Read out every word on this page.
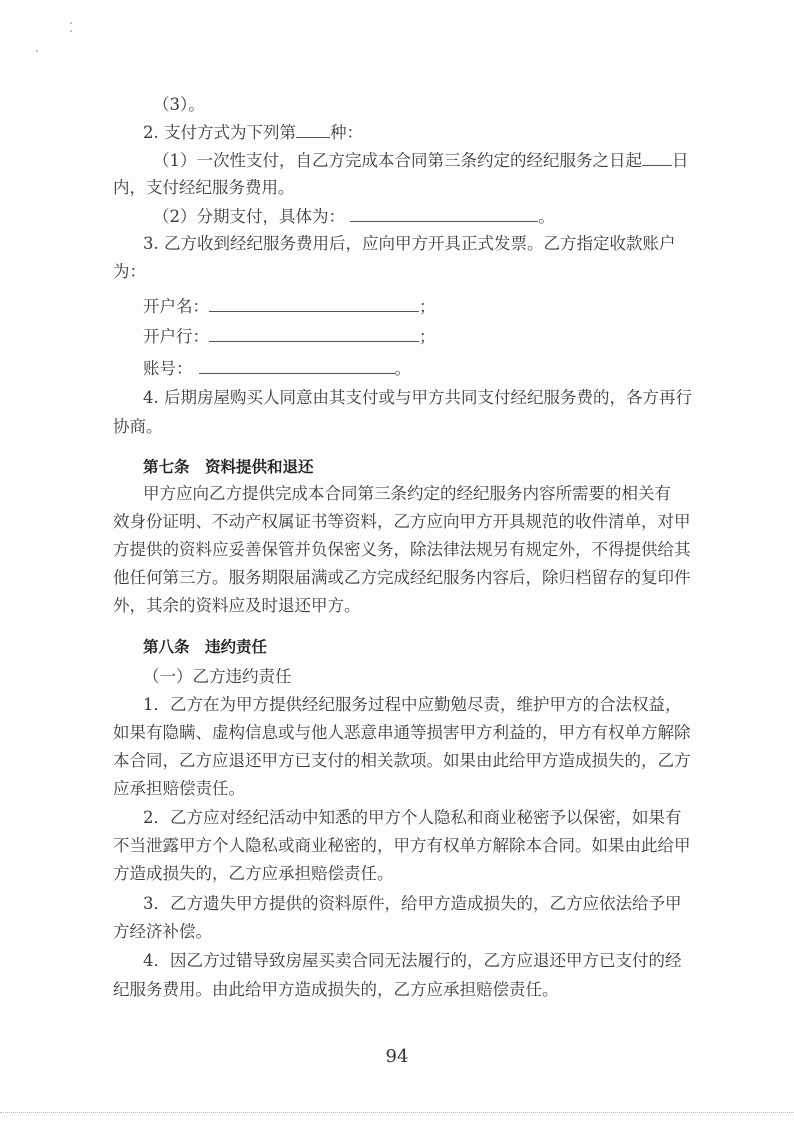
（3）。
2. 支付方式为下列第 种：
（1）一次性支付，自乙方完成本合同第三条约定的经纪服务之日起 日
内，支付经纪服务费用。
（2）分期支付，具体为：	。
3. 乙方收到经纪服务费用后，应向甲方开具正式发票。乙方指定收款账户
为：
开户名：	；
开户行：	；
账号：	。
4. 后期房屋购买人同意由其支付或与甲方共同支付经纪服务费的，各方再行
协商。
第七条　资料提供和退还
甲方应向乙方提供完成本合同第三条约定的经纪服务内容所需要的相关有
效身份证明、不动产权属证书等资料，乙方应向甲方开具规范的收件清单，对甲
方提供的资料应妥善保管并负保密义务，除法律法规另有规定外，不得提供给其
他任何第三方。服务期限届满或乙方完成经纪服务内容后，除归档留存的复印件
外，其余的资料应及时退还甲方。
第八条　违约责任
（一）乙方违约责任
1．乙方在为甲方提供经纪服务过程中应勤勉尽责，维护甲方的合法权益，
如果有隐瞒、虚构信息或与他人恶意串通等损害甲方利益的，甲方有权单方解除
本合同，乙方应退还甲方已支付的相关款项。如果由此给甲方造成损失的，乙方
应承担赔偿责任。
2．乙方应对经纪活动中知悉的甲方个人隐私和商业秘密予以保密，如果有
不当泄露甲方个人隐私或商业秘密的，甲方有权单方解除本合同。如果由此给甲
方造成损失的，乙方应承担赔偿责任。
3．乙方遗失甲方提供的资料原件，给甲方造成损失的，乙方应依法给予甲
方经济补偿。
4．因乙方过错导致房屋买卖合同无法履行的，乙方应退还甲方已支付的经
纪服务费用。由此给甲方造成损失的，乙方应承担赔偿责任。
94
